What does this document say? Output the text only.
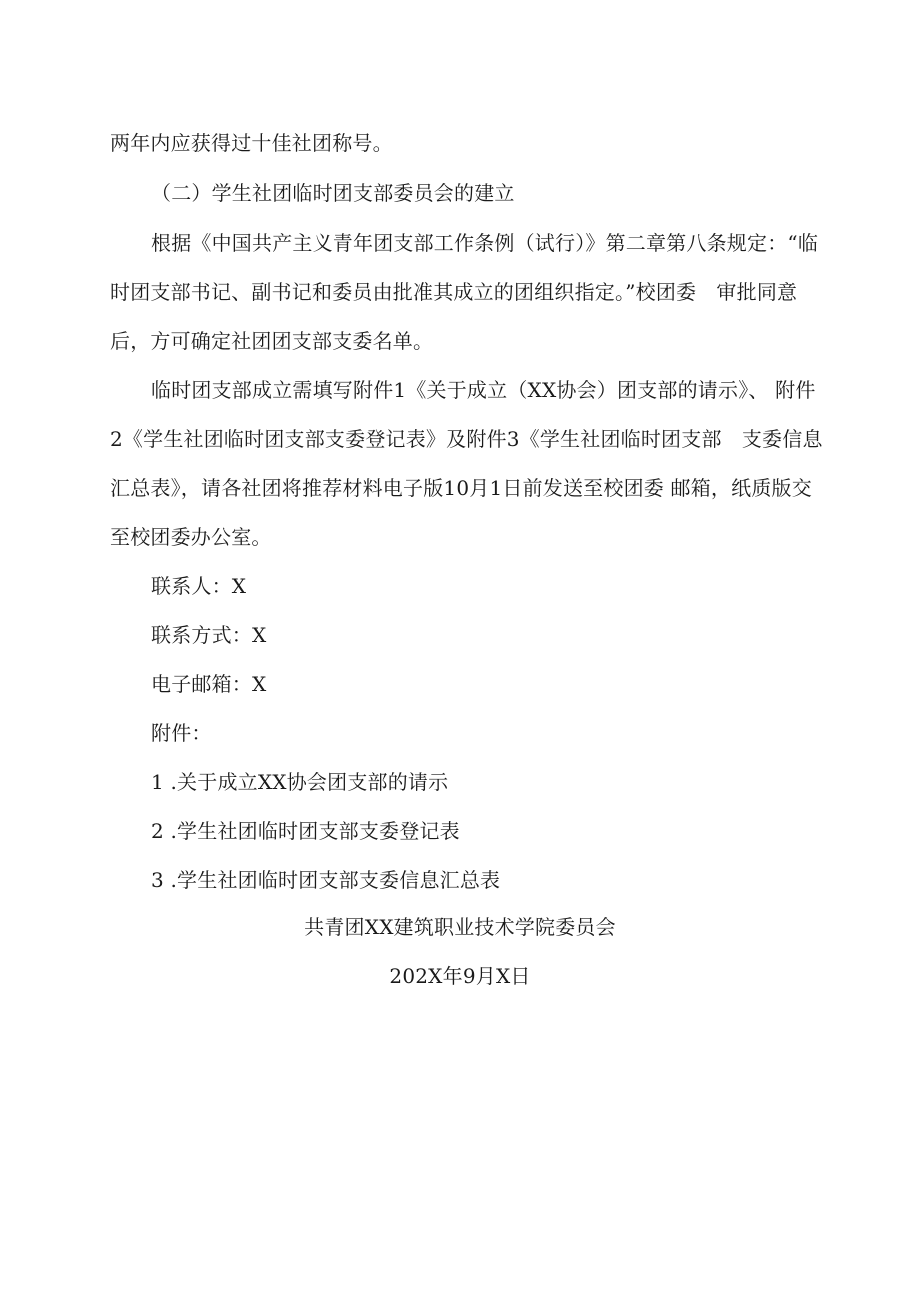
两年内应获得过十佳社团称号。
（二）学生社团临时团支部委员会的建立
根据《中国共产主义青年团支部工作条例（试行）》第二章第八条规定：“临
时团支部书记、副书记和委员由批准其成立的团组织指定。”校团委　审批同意
后，方可确定社团团支部支委名单。
临时团支部成立需填写附件1《关于成立（XX协会）团支部的请示》、 附件
2《学生社团临时团支部支委登记表》及附件3《学生社团临时团支部　支委信息
汇总表》，请各社团将推荐材料电子版10月1日前发送至校团委 邮箱，纸质版交
至校团委办公室。
联系人：X
联系方式：X
电子邮箱：X
附件：
1 .关于成立XX协会团支部的请示
2 .学生社团临时团支部支委登记表
3 .学生社团临时团支部支委信息汇总表
共青团XX建筑职业技术学院委员会
202X年9月X日
